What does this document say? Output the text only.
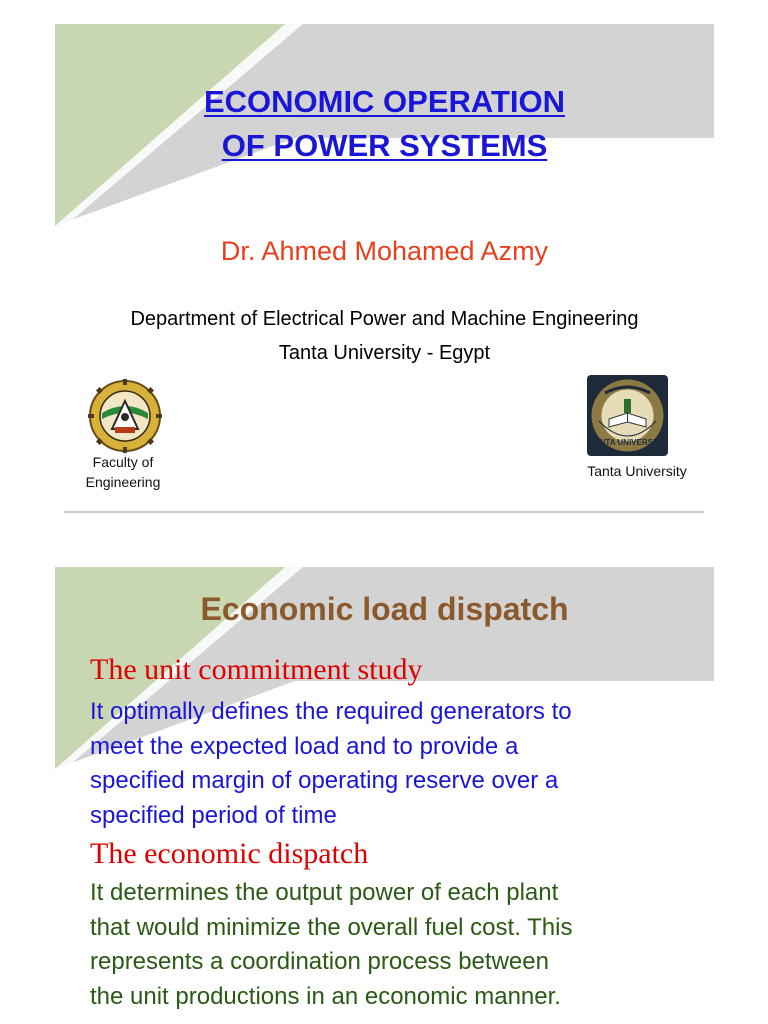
ECONOMIC OPERATION
OF POWER SYSTEMS
Dr. Ahmed Mohamed Azmy
Department of Electrical Power and Machine Engineering
Tanta University - Egypt
Faculty of
Engineering
TANTA UNIVERSITY
Tanta University
Economic load dispatch
The unit commitment study
It optimally defines the required generators to
meet the expected load and to provide a
specified margin of operating reserve over a
specified period of time
The economic dispatch
It determines the output power of each plant
that would minimize the overall fuel cost. This
represents a coordination process between
the unit productions in an economic manner.
